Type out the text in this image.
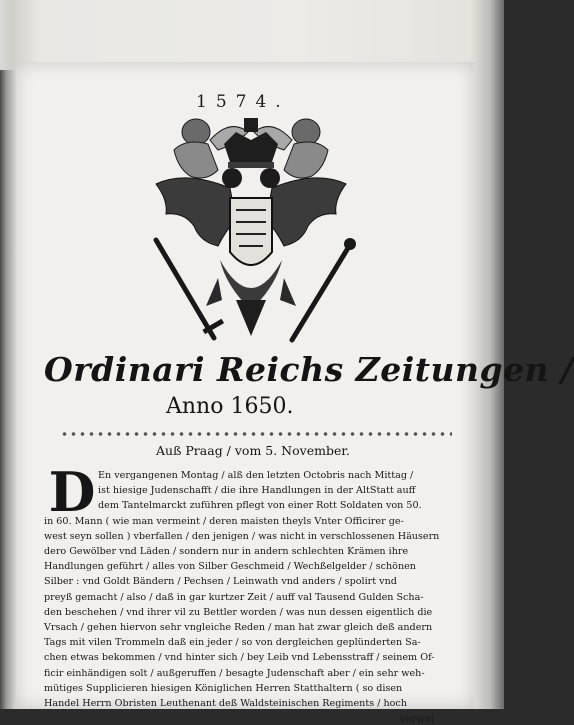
1574.
Ordinari Reichs Zeitungen /
Anno 1650.
Auß Praag / vom 5. November.
D En vergangenen Montag / alß den letzten Octobris nach Mittag /
ist hiesige Judenschafft / die ihre Handlungen in der AltStatt auff
dem Tantelmarckt zuführen pflegt von einer Rott Soldaten von 50.
in 60. Mann ( wie man vermeint / deren maisten theyls Vnter Officirer ge-
west seyn sollen ) vberfallen / den jenigen / was nicht in verschlossenen Häusern
dero Gewölber vnd Läden / sondern nur in andern schlechten Krämen ihre
Handlungen geführt / alles von Silber Geschmeid / Wechßelgelder / schönen
Silber : vnd Goldt Bändern / Pechsen / Leinwath vnd anders / spolirt vnd
preyß gemacht / also / daß in gar kurtzer Zeit / auff val Tausend Gulden Scha-
den beschehen / vnd ihrer vil zu Bettler worden / was nun dessen eigentlich die
Vrsach / gehen hiervon sehr vngleiche Reden / man hat zwar gleich deß andern
Tags mit vilen Trommeln daß ein jeder / so von dergleichen geplünderten Sa-
chen etwas bekommen / vnd hinter sich / bey Leib vnd Lebensstraff / seinem Of-
ficir einhändigen solt / außgeruffen / besagte Judenschaft aber / ein sehr weh-
mütiges Supplicieren hiesigen Königlichen Herren Statthaltern ( so disen
Handel Herrn Obristen Leuthenant deß Waldsteinischen Regiments / hoch
verwei
